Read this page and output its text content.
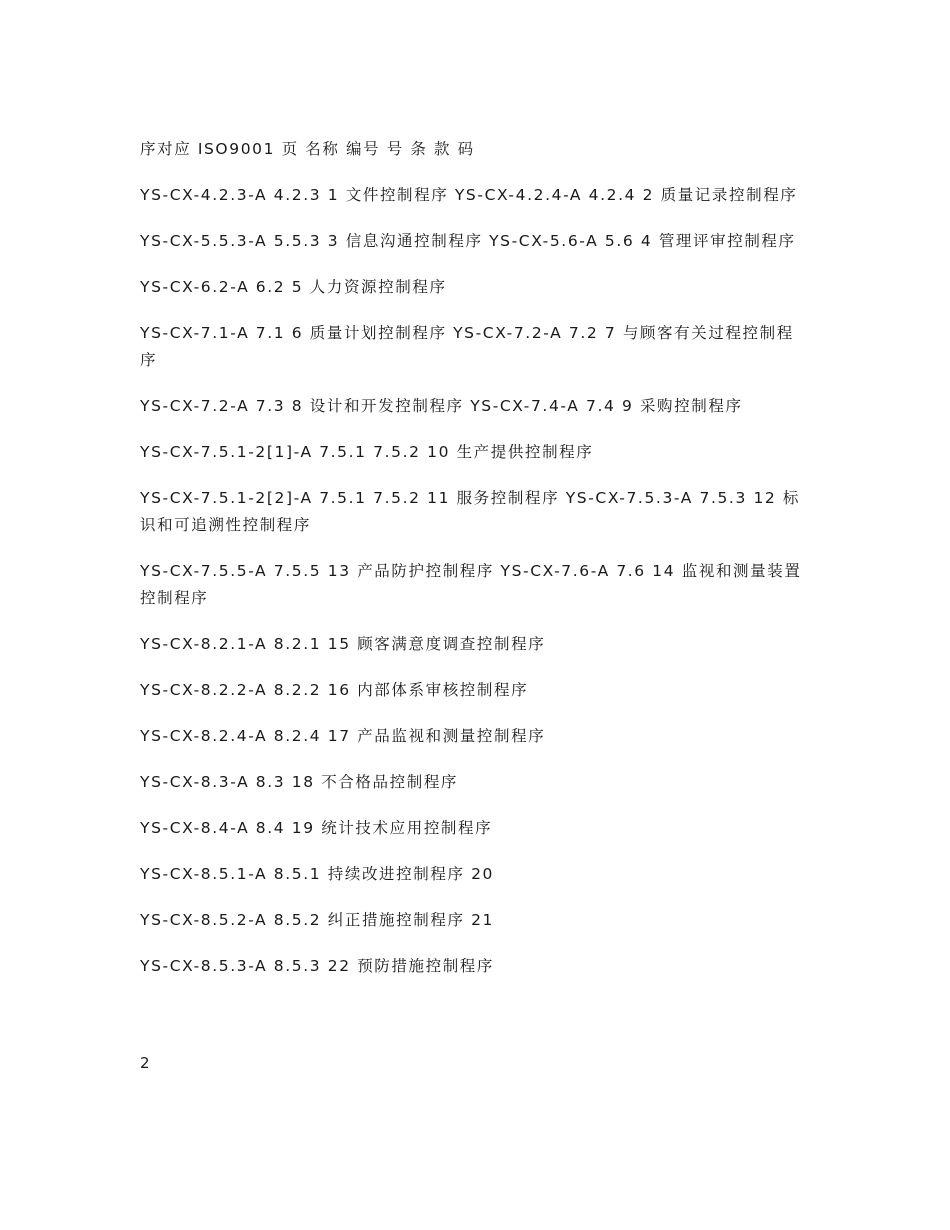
序对应 ISO9001 页 名称 编号 号 条 款 码

YS-CX-4.2.3-A 4.2.3 1 文件控制程序 YS-CX-4.2.4-A 4.2.4 2 质量记录控制程序

YS-CX-5.5.3-A 5.5.3 3 信息沟通控制程序 YS-CX-5.6-A 5.6 4 管理评审控制程序

YS-CX-6.2-A 6.2 5 人力资源控制程序

YS-CX-7.1-A 7.1 6 质量计划控制程序 YS-CX-7.2-A 7.2 7 与顾客有关过程控制程序

YS-CX-7.2-A 7.3 8 设计和开发控制程序 YS-CX-7.4-A 7.4 9 采购控制程序

YS-CX-7.5.1-2[1]-A 7.5.1 7.5.2 10 生产提供控制程序

YS-CX-7.5.1-2[2]-A 7.5.1 7.5.2 11 服务控制程序 YS-CX-7.5.3-A 7.5.3 12 标识和可追溯性控制程序

YS-CX-7.5.5-A 7.5.5 13 产品防护控制程序 YS-CX-7.6-A 7.6 14 监视和测量装置控制程序

YS-CX-8.2.1-A 8.2.1 15 顾客满意度调查控制程序

YS-CX-8.2.2-A 8.2.2 16 内部体系审核控制程序

YS-CX-8.2.4-A 8.2.4 17 产品监视和测量控制程序

YS-CX-8.3-A 8.3 18 不合格品控制程序

YS-CX-8.4-A 8.4 19 统计技术应用控制程序

YS-CX-8.5.1-A 8.5.1 持续改进控制程序 20

YS-CX-8.5.2-A 8.5.2 纠正措施控制程序 21

YS-CX-8.5.3-A 8.5.3 22 预防措施控制程序

2
